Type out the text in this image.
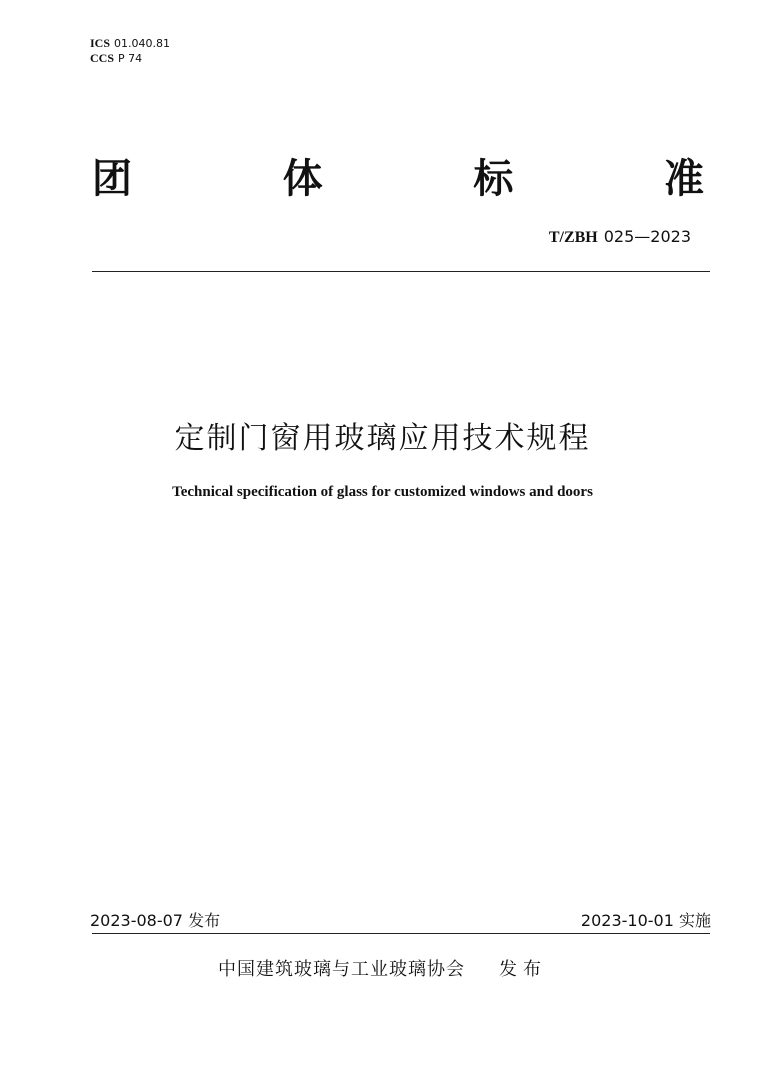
ICS 01.040.81
CCS P 74
团	体	标	准
T/ZBH 025—2023
定制门窗用玻璃应用技术规程
Technical specification of glass for customized windows and doors
2023-08-07 发布	2023-10-01 实施
中国建筑玻璃与工业玻璃协会 发布
